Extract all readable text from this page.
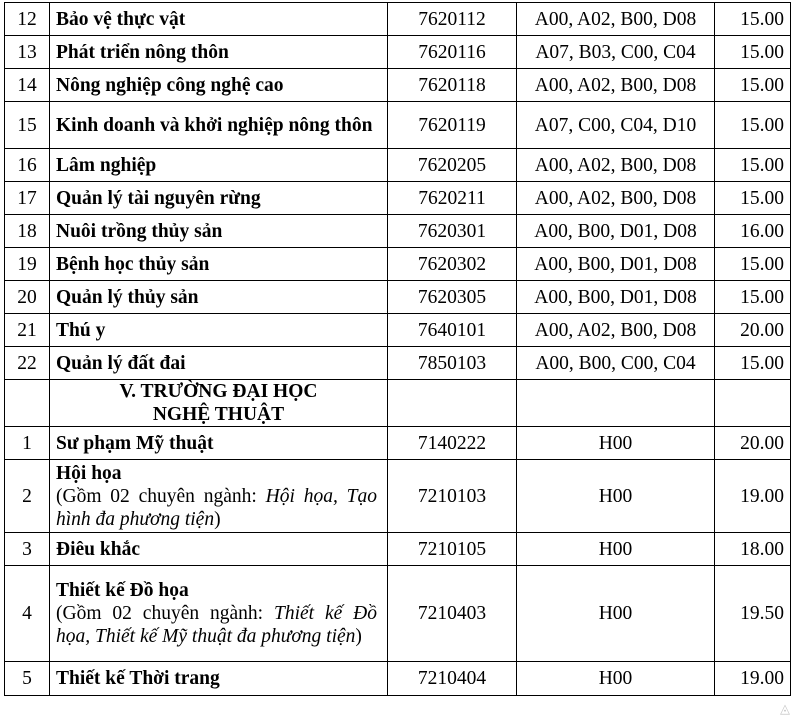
12	Bảo vệ thực vật	7620112	A00, A02, B00, D08	15.00
13	Phát triển nông thôn	7620116	A07, B03, C00, C04	15.00
14	Nông nghiệp công nghệ cao	7620118	A00, A02, B00, D08	15.00
15	Kinh doanh và khởi nghiệp nông thôn	7620119	A07, C00, C04, D10	15.00
16	Lâm nghiệp	7620205	A00, A02, B00, D08	15.00
17	Quản lý tài nguyên rừng	7620211	A00, A02, B00, D08	15.00
18	Nuôi trồng thủy sản	7620301	A00, B00, D01, D08	16.00
19	Bệnh học thủy sản	7620302	A00, B00, D01, D08	15.00
20	Quản lý thủy sản	7620305	A00, B00, D01, D08	15.00
21	Thú y	7640101	A00, A02, B00, D08	20.00
22	Quản lý đất đai	7850103	A00, B00, C00, C04	15.00

	V. TRƯỜNG ĐẠI HỌC
NGHỆ THUẬT			

1	Sư phạm Mỹ thuật	7140222	H00	20.00
2	Hội họa
(Gồm 02 chuyên ngành: Hội họa, Tạo hình đa phương tiện)	7210103	H00	19.00
3	Điêu khắc	7210105	H00	18.00
4	Thiết kế Đồ họa
(Gồm 02 chuyên ngành: Thiết kế Đồ họa, Thiết kế Mỹ thuật đa phương tiện)	7210403	H00	19.50
5	Thiết kế Thời trang	7210404	H00	19.00
◬
